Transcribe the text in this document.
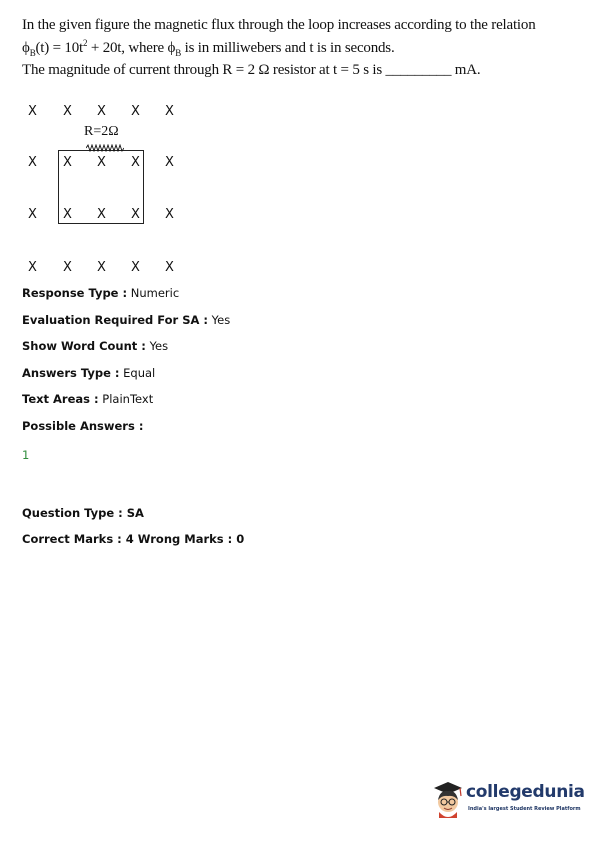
In the given figure the magnetic flux through the loop increases according to the relation
$\phi_B(t) = 10t^2 + 20t$, where $\phi_B$ is in milliwebers and t is in seconds.
The magnitude of current through R = 2 Ω resistor at t = 5 s is _________ mA.
X X X X X
X X X X X
X X X X X
X X X X X
R=2Ω
Response Type : Numeric
Evaluation Required For SA : Yes
Show Word Count : Yes
Answers Type : Equal
Text Areas : PlainText
Possible Answers :
1
Question Type : SA
Correct Marks : 4 Wrong Marks : 0
collegedunia
India's largest Student Review Platform
